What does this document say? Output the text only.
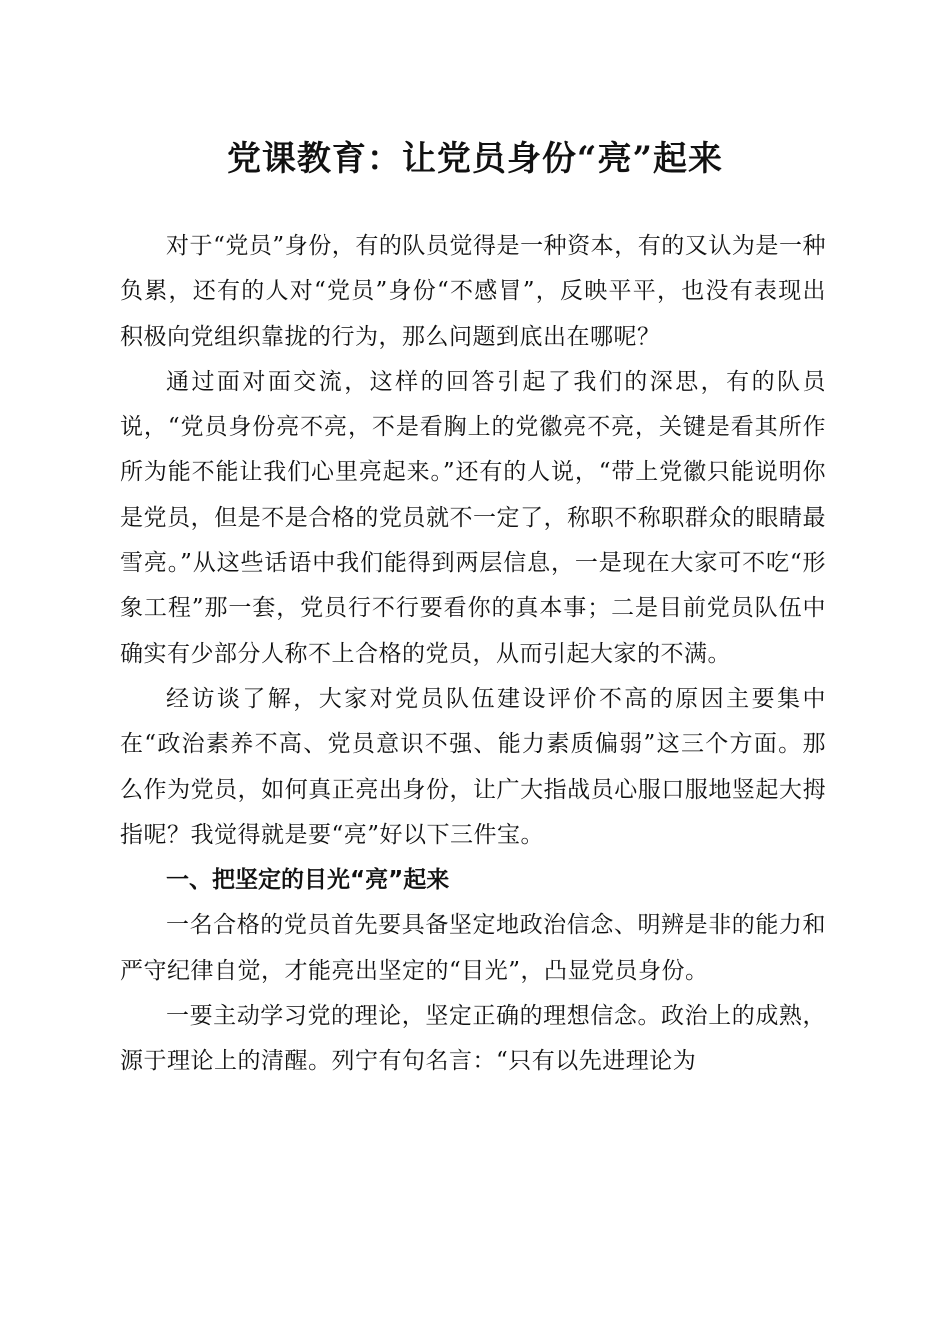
党课教育：让党员身份“亮”起来

对于“党员”身份，有的队员觉得是一种资本，有的又认为是一种负累，还有的人对“党员”身份“不感冒”，反映平平，也没有表现出积极向党组织靠拢的行为，那么问题到底出在哪呢？

通过面对面交流，这样的回答引起了我们的深思，有的队员说，“党员身份亮不亮，不是看胸上的党徽亮不亮，关键是看其所作所为能不能让我们心里亮起来。”还有的人说，“带上党徽只能说明你是党员，但是不是合格的党员就不一定了，称职不称职群众的眼睛最雪亮。”从这些话语中我们能得到两层信息，一是现在大家可不吃“形象工程”那一套，党员行不行要看你的真本事；二是目前党员队伍中确实有少部分人称不上合格的党员，从而引起大家的不满。

经访谈了解，大家对党员队伍建设评价不高的原因主要集中在“政治素养不高、党员意识不强、能力素质偏弱”这三个方面。那么作为党员，如何真正亮出身份，让广大指战员心服口服地竖起大拇指呢？我觉得就是要“亮”好以下三件宝。

一、把坚定的目光“亮”起来

一名合格的党员首先要具备坚定地政治信念、明辨是非的能力和严守纪律自觉，才能亮出坚定的“目光”，凸显党员身份。

一要主动学习党的理论，坚定正确的理想信念。政治上的成熟，源于理论上的清醒。列宁有句名言：“只有以先进理论为
